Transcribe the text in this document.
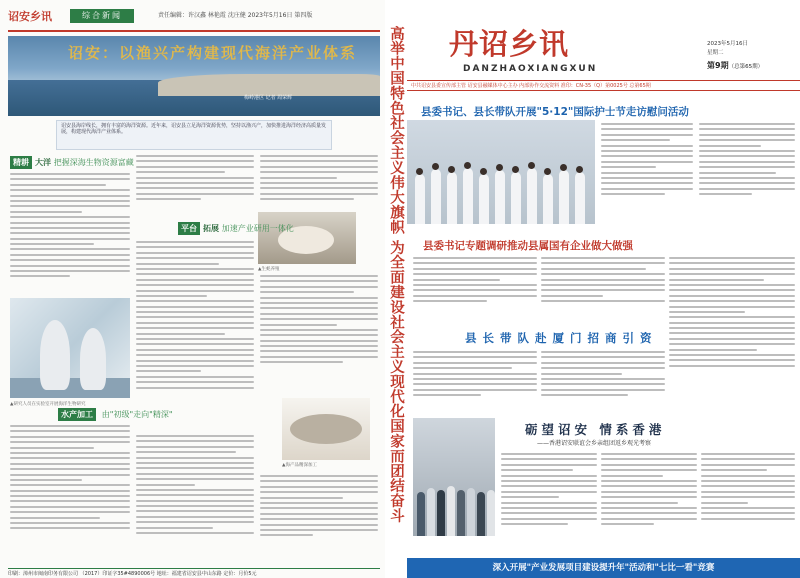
诏安乡讯	综合新闻	责任编辑：许汉鑫 林艳霞 沈庄健 2023年5月16日 第四版
诏安：以渔兴产构建现代海洋产业体系
梅岭港区 记者 周荣辉
诏安县海岸线长，拥有丰富的海洋资源。近年来，诏安县立足海洋资源优势，坚持以渔兴产，加快推进海洋经济高质量发展，构建现代海洋产业体系。
精耕 大洋 把握深海生物资源富藏
▲研究人员在实验室开展海洋生物研究
▲生蚝养殖
平台 拓展 加速产业研用一体化
▲海产品精深加工
水产加工 由"初级"走向"精深"
印刷：漳州市闽南印务有限公司 （2017）印证字35#4890006号 地址：福建省诏安县中山东路 定价：月价5元
高举中国特色社会主义伟大旗帜 为全面建设社会主义现代化国家而团结奋斗 丹诏乡讯
DANZHAOXIANGXUN
2023年5月16日
星期二
第9期（总第65期）
中共诏安县委宣传部主管 诏安县融媒体中心主办 内部协作交流资料 准印：CN-35（Q）第0025号 总第65期
县委书记、县长带队开展"5·12"国际护士节走访慰问活动
县委书记专题调研推动县属国有企业做大做强
县长带队赴厦门招商引资
砺望诏安 情系香港
——香港诏安联谊会乡亲组团返乡观光考察
深入开展"产业发展项目建设提升年"活动和"七比一看"竞赛
